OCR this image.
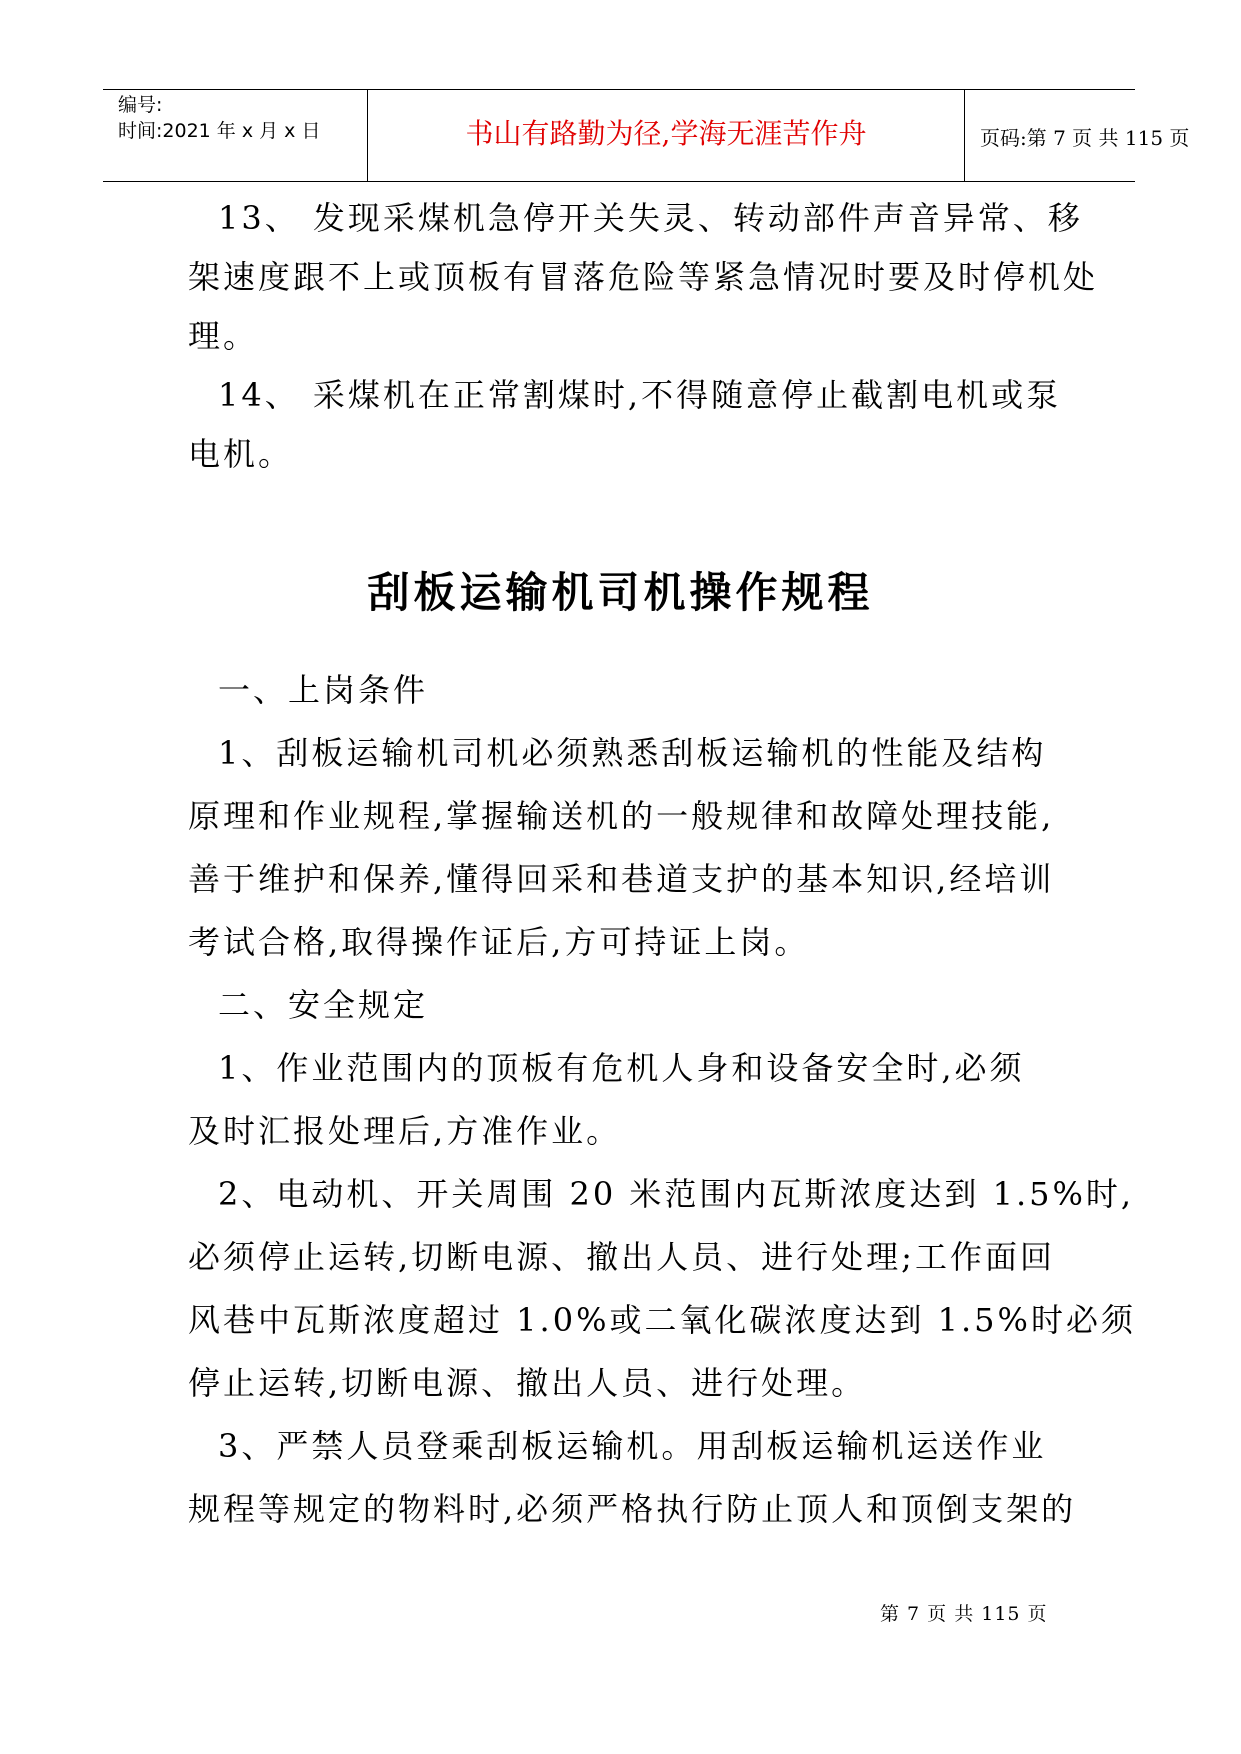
编号:
时间:2021 年 x 月 x 日	书山有路勤为径,学海无涯苦作舟	页码:第 7 页 共 115 页
13、 发现采煤机急停开关失灵、转动部件声音异常、移
架速度跟不上或顶板有冒落危险等紧急情况时要及时停机处
理。
14、 采煤机在正常割煤时,不得随意停止截割电机或泵
电机。
刮板运输机司机操作规程
一、上岗条件
1、刮板运输机司机必须熟悉刮板运输机的性能及结构
原理和作业规程,掌握输送机的一般规律和故障处理技能,
善于维护和保养,懂得回采和巷道支护的基本知识,经培训
考试合格,取得操作证后,方可持证上岗。
二、安全规定
1、作业范围内的顶板有危机人身和设备安全时,必须
及时汇报处理后,方准作业。
2、电动机、开关周围 20 米范围内瓦斯浓度达到 1.5%时,
必须停止运转,切断电源、撤出人员、进行处理;工作面回
风巷中瓦斯浓度超过 1.0%或二氧化碳浓度达到 1.5%时必须
停止运转,切断电源、撤出人员、进行处理。
3、严禁人员登乘刮板运输机。用刮板运输机运送作业
规程等规定的物料时,必须严格执行防止顶人和顶倒支架的
第 7 页 共 115 页
